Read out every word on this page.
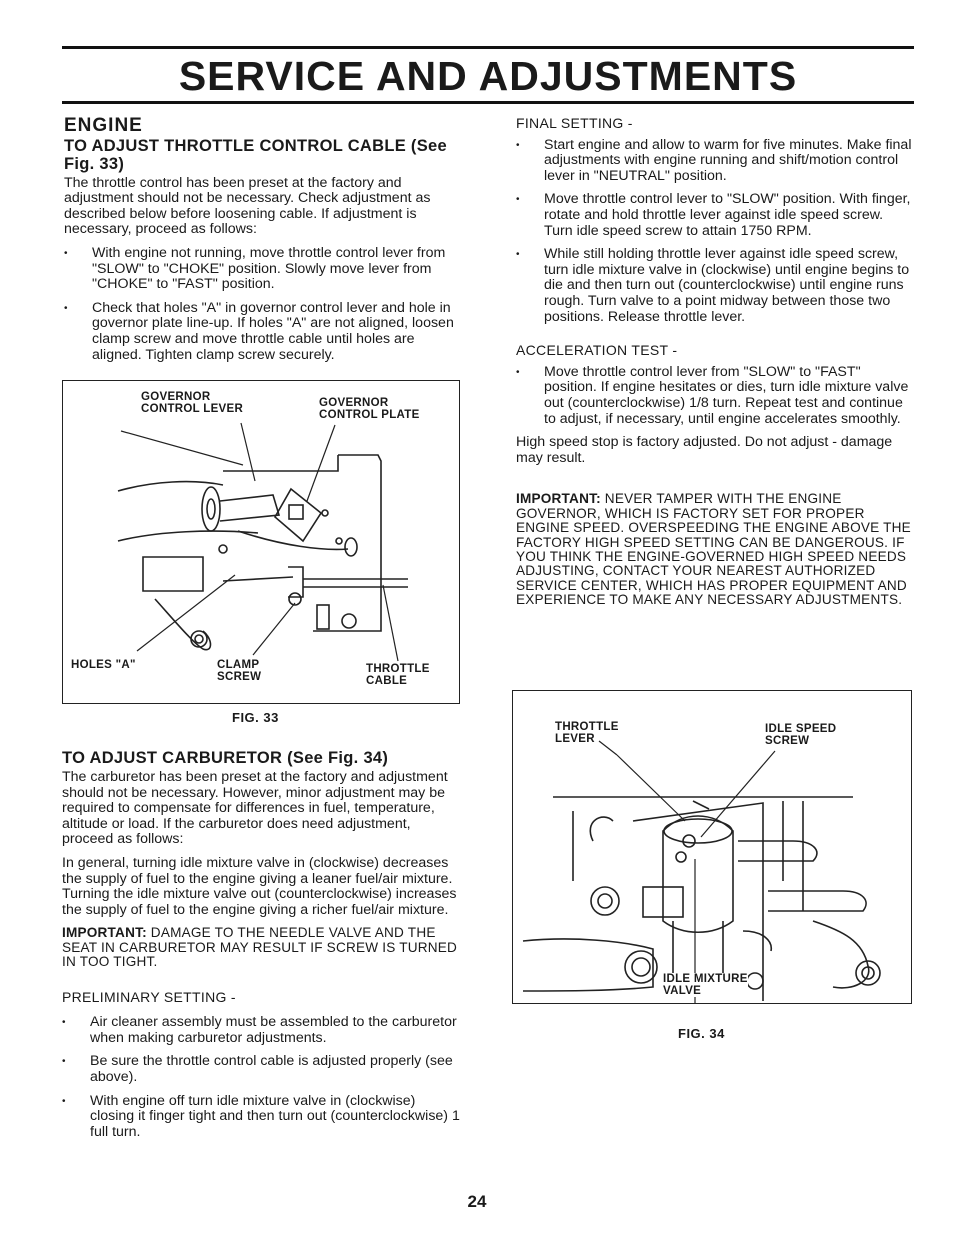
SERVICE AND ADJUSTMENTS
ENGINE
TO ADJUST THROTTLE CONTROL CABLE (See Fig. 33)

The throttle control has been preset at the factory and adjustment should not be necessary. Check adjustment as described below before loosening cable. If adjustment is necessary, proceed as follows:

• With engine not running, move throttle control lever from "SLOW" to "CHOKE" position. Slowly move lever from "CHOKE" to "FAST" position.
• Check that holes "A" in governor control lever and hole in governor plate line-up. If holes "A" are not aligned, loosen clamp screw and move throttle cable until holes are aligned. Tighten clamp screw securely.
GOVERNOR
CONTROL LEVER	GOVERNOR
CONTROL PLATE
HOLES "A"	CLAMP
SCREW
THROTTLE
CABLE
FIG. 33
TO ADJUST CARBURETOR (See Fig. 34)

The carburetor has been preset at the factory and adjustment should not be necessary. However, minor adjustment may be required to compensate for differences in fuel, temperature, altitude or load. If the carburetor does need adjustment, proceed as follows:

In general, turning idle mixture valve in (clockwise) decreases the supply of fuel to the engine giving a leaner fuel/air mixture. Turning the idle mixture valve out (counterclockwise) increases the supply of fuel to the engine giving a richer fuel/air mixture.

IMPORTANT: DAMAGE TO THE NEEDLE VALVE AND THE SEAT IN CARBURETOR MAY RESULT IF SCREW IS TURNED IN TOO TIGHT.

PRELIMINARY SETTING -
• Air cleaner assembly must be assembled to the carburetor when making carburetor adjustments.
• Be sure the throttle control cable is adjusted properly (see above).
• With engine off turn idle mixture valve in (clockwise) closing it finger tight and then turn out (counterclockwise) 1 full turn.
FINAL SETTING -
• Start engine and allow to warm for five minutes. Make final adjustments with engine running and shift/motion control lever in "NEUTRAL" position.
• Move throttle control lever to "SLOW" position. With finger, rotate and hold throttle lever against idle speed screw. Turn idle speed screw to attain 1750 RPM.
• While still holding throttle lever against idle speed screw, turn idle mixture valve in (clockwise) until engine begins to die and then turn out (counterclockwise) until engine runs rough. Turn valve to a point midway between those two positions. Release throttle lever.
ACCELERATION TEST -
• Move throttle control lever from "SLOW" to "FAST" position. If engine hesitates or dies, turn idle mixture valve out (counterclockwise) 1/8 turn. Repeat test and continue to adjust, if necessary, until engine accelerates smoothly.

High speed stop is factory adjusted. Do not adjust - damage may result.

IMPORTANT: NEVER TAMPER WITH THE ENGINE GOVERNOR, WHICH IS FACTORY SET FOR PROPER ENGINE SPEED. OVERSPEEDING THE ENGINE ABOVE THE FACTORY HIGH SPEED SETTING CAN BE DANGEROUS. IF YOU THINK THE ENGINE-GOVERNED HIGH SPEED NEEDS ADJUSTING, CONTACT YOUR NEAREST AUTHORIZED SERVICE CENTER, WHICH HAS PROPER EQUIPMENT AND EXPERIENCE TO MAKE ANY NECESSARY ADJUSTMENTS.

THROTTLE
LEVER
IDLE SPEED
SCREW
IDLE MIXTURE
VALVE
FIG. 34
24
